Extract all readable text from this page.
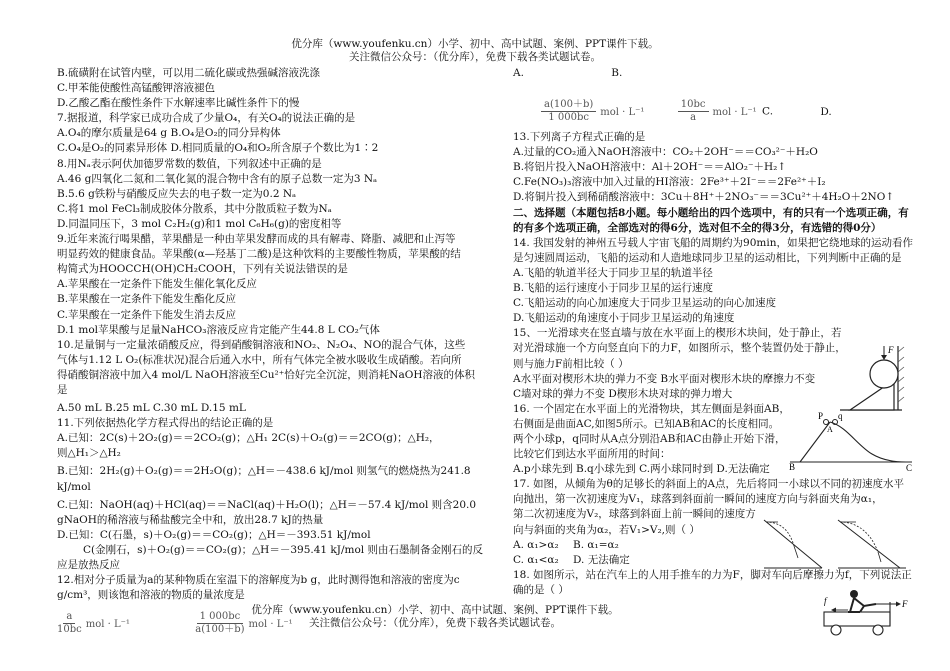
优分库（www.youfenku.cn）小学、初中、高中试题、案例、PPT课件下载。
关注微信公众号：（优分库），免费下载各类试题试卷。

B.硫磺附在试管内壁，可以用二硫化碳或热强碱溶液洗涤

C.甲苯能使酸性高锰酸钾溶液褪色

D.乙酸乙酯在酸性条件下水解速率比碱性条件下的慢

7.据报道，科学家已成功合成了少量O₄，有关O₄的说法正确的是

A.O₄的摩尔质量是64 g B.O₄是O₂的同分异构体

C.O₄是O₂的同素异形体 D.相同质量的O₄和O₂所含原子个数比为1∶2

8.用Nₐ表示阿伏加德罗常数的数值，下列叙述中正确的是

A.46 g四氧化二氮和二氧化氮的混合物中含有的原子总数一定为3 Nₐ

B.5.6 g铁粉与硝酸反应失去的电子数一定为0.2 Nₐ

C.将1 mol FeCl₃制成胶体分散系，其中分散质粒子数为Nₐ

D.同温同压下，3 mol C₂H₂(g)和1 mol C₆H₆(g)的密度相等

9.近年来流行喝果醋，苹果醋是一种由苹果发酵而成的具有解毒、降脂、减肥和止泻等

明显药效的健康食品。苹果酸(α—羟基丁二酸)是这种饮料的主要酸性物质，苹果酸的结

构简式为HOOCCH(OH)CH₂COOH，下列有关说法错误的是

A.苹果酸在一定条件下能发生催化氧化反应

B.苹果酸在一定条件下能发生酯化反应

C.苹果酸在一定条件下能发生消去反应

D.1 mol苹果酸与足量NaHCO₃溶液反应肯定能产生44.8 L CO₂气体

10.足量铜与一定量浓硝酸反应，得到硝酸铜溶液和NO₂、N₂O₄、NO的混合气体，这些

气体与1.12 L O₂(标准状况)混合后通入水中，所有气体完全被水吸收生成硝酸。若向所

得硝酸铜溶液中加入4 mol/L NaOH溶液至Cu²⁺恰好完全沉淀，则消耗NaOH溶液的体积

是

A.50 mL B.25 mL C.30 mL D.15 mL

11.下列依据热化学方程式得出的结论正确的是

A.已知：2C(s)＋2O₂(g)＝＝2CO₂(g)；△H₁ 2C(s)＋O₂(g)＝＝2CO(g)；△H₂，

则△H₁＞△H₂

B.已知：2H₂(g)＋O₂(g)＝＝2H₂O(g)；△H＝－438.6 kJ/mol 则氢气的燃烧热为241.8

kJ/mol

C.已知：NaOH(aq)＋HCl(aq)＝＝NaCl(aq)＋H₂O(l)；△H＝－57.4 kJ/mol 则含20.0

gNaOH的稀溶液与稀盐酸完全中和，放出28.7 kJ的热量

D.已知：C(石墨，s)＋O₂(g)＝＝CO₂(g)；△H＝－393.51 kJ/mol

C(金刚石，s)＋O₂(g)＝＝CO₂(g)；△H＝－395.41 kJ/mol 则由石墨制备金刚石的反

应是放热反应

12.相对分子质量为a的某种物质在室温下的溶解度为b g，此时测得饱和溶液的密度为c

g/cm³，则该饱和溶液的物质的量浓度是

$\frac{a}{10bc}$ mol · L⁻¹	$\frac{1 000bc}{a(100+b)}$ mol · L⁻¹

A.	B.

$\frac{a(100+b)}{1 000bc}$ mol · L⁻¹	$\frac{10bc}{a}$ mol · L⁻¹ C.	D.

13.下列离子方程式正确的是

A.过量的CO₂通入NaOH溶液中：CO₂＋2OH⁻＝＝CO₃²⁻＋H₂O

B.将铝片投入NaOH溶液中：Al＋2OH⁻＝＝AlO₂⁻＋H₂↑

C.Fe(NO₃)₃溶液中加入过量的HI溶液：2Fe³⁺＋2I⁻＝＝2Fe²⁺＋I₂

D.将铜片投入到稀硝酸溶液中：3Cu＋8H⁺＋2NO₃⁻＝＝3Cu²⁺＋4H₂O＋2NO↑

二、选择题（本题包括8小题。每小题给出的四个选项中，有的只有一个选项正确，有

的有多个选项正确，全部选对的得6分，选对但不全的得3分，有选错的得0分）

14. 我国发射的神州五号载人宇宙飞船的周期约为90min，如果把它绕地球的运动看作

是匀速圆周运动，飞船的运动和人造地球同步卫星的运动相比，下列判断中正确的是

A.飞船的轨道半径大于同步卫星的轨道半径

B.飞船的运行速度小于同步卫星的运行速度

C.飞船运动的向心加速度大于同步卫星运动的向心加速度

D.飞船运动的角速度小于同步卫星运动的角速度

15、一光滑球夹在竖直墙与放在水平面上的楔形木块间，处于静止，若

对光滑球施一个方向竖直向下的力F，如图所示，整个装置仍处于静止，

则与施力F前相比较（ ）

A水平面对楔形木块的弹力不变 B水平面对楔形木块的摩擦力不变

C墙对球的弹力不变 D楔形木块对球的弹力增大

16. 一个固定在水平面上的光滑物块，其左侧面是斜面AB，

右侧面是曲面AC,如图5所示。已知AB和AC的长度相同。

两个小球p，q同时从A点分别沿AB和AC由静止开始下滑，

比较它们到达水平面所用的时间：

A.p小球先到 B.q小球先到 C.两小球同时到 D.无法确定

17. 如图，从倾角为θ的足够长的斜面上的A点，先后将同一小球以不同的初速度水平

向抛出，第一次初速度为V₁，球落到斜面前一瞬间的速度方向与斜面夹角为α₁，

第二次初速度为V₂，球落到斜面上前一瞬间的速度方

向与斜面的夹角为α₂，若V₁>V₂,则（ ）

A. α₁>α₂ B. α₁=α₂

C. α₁<α₂ D. 无法确定

18. 如图所示，站在汽车上的人用手推车的力为F，脚对车向后摩擦力为f，下列说法正

确的是（ ）

F
P q
A
B	C
F
f
优分库（www.youfenku.cn）小学、初中、高中试题、案例、PPT课件下载。
关注微信公众号：（优分库），免费下载各类试题试卷。
